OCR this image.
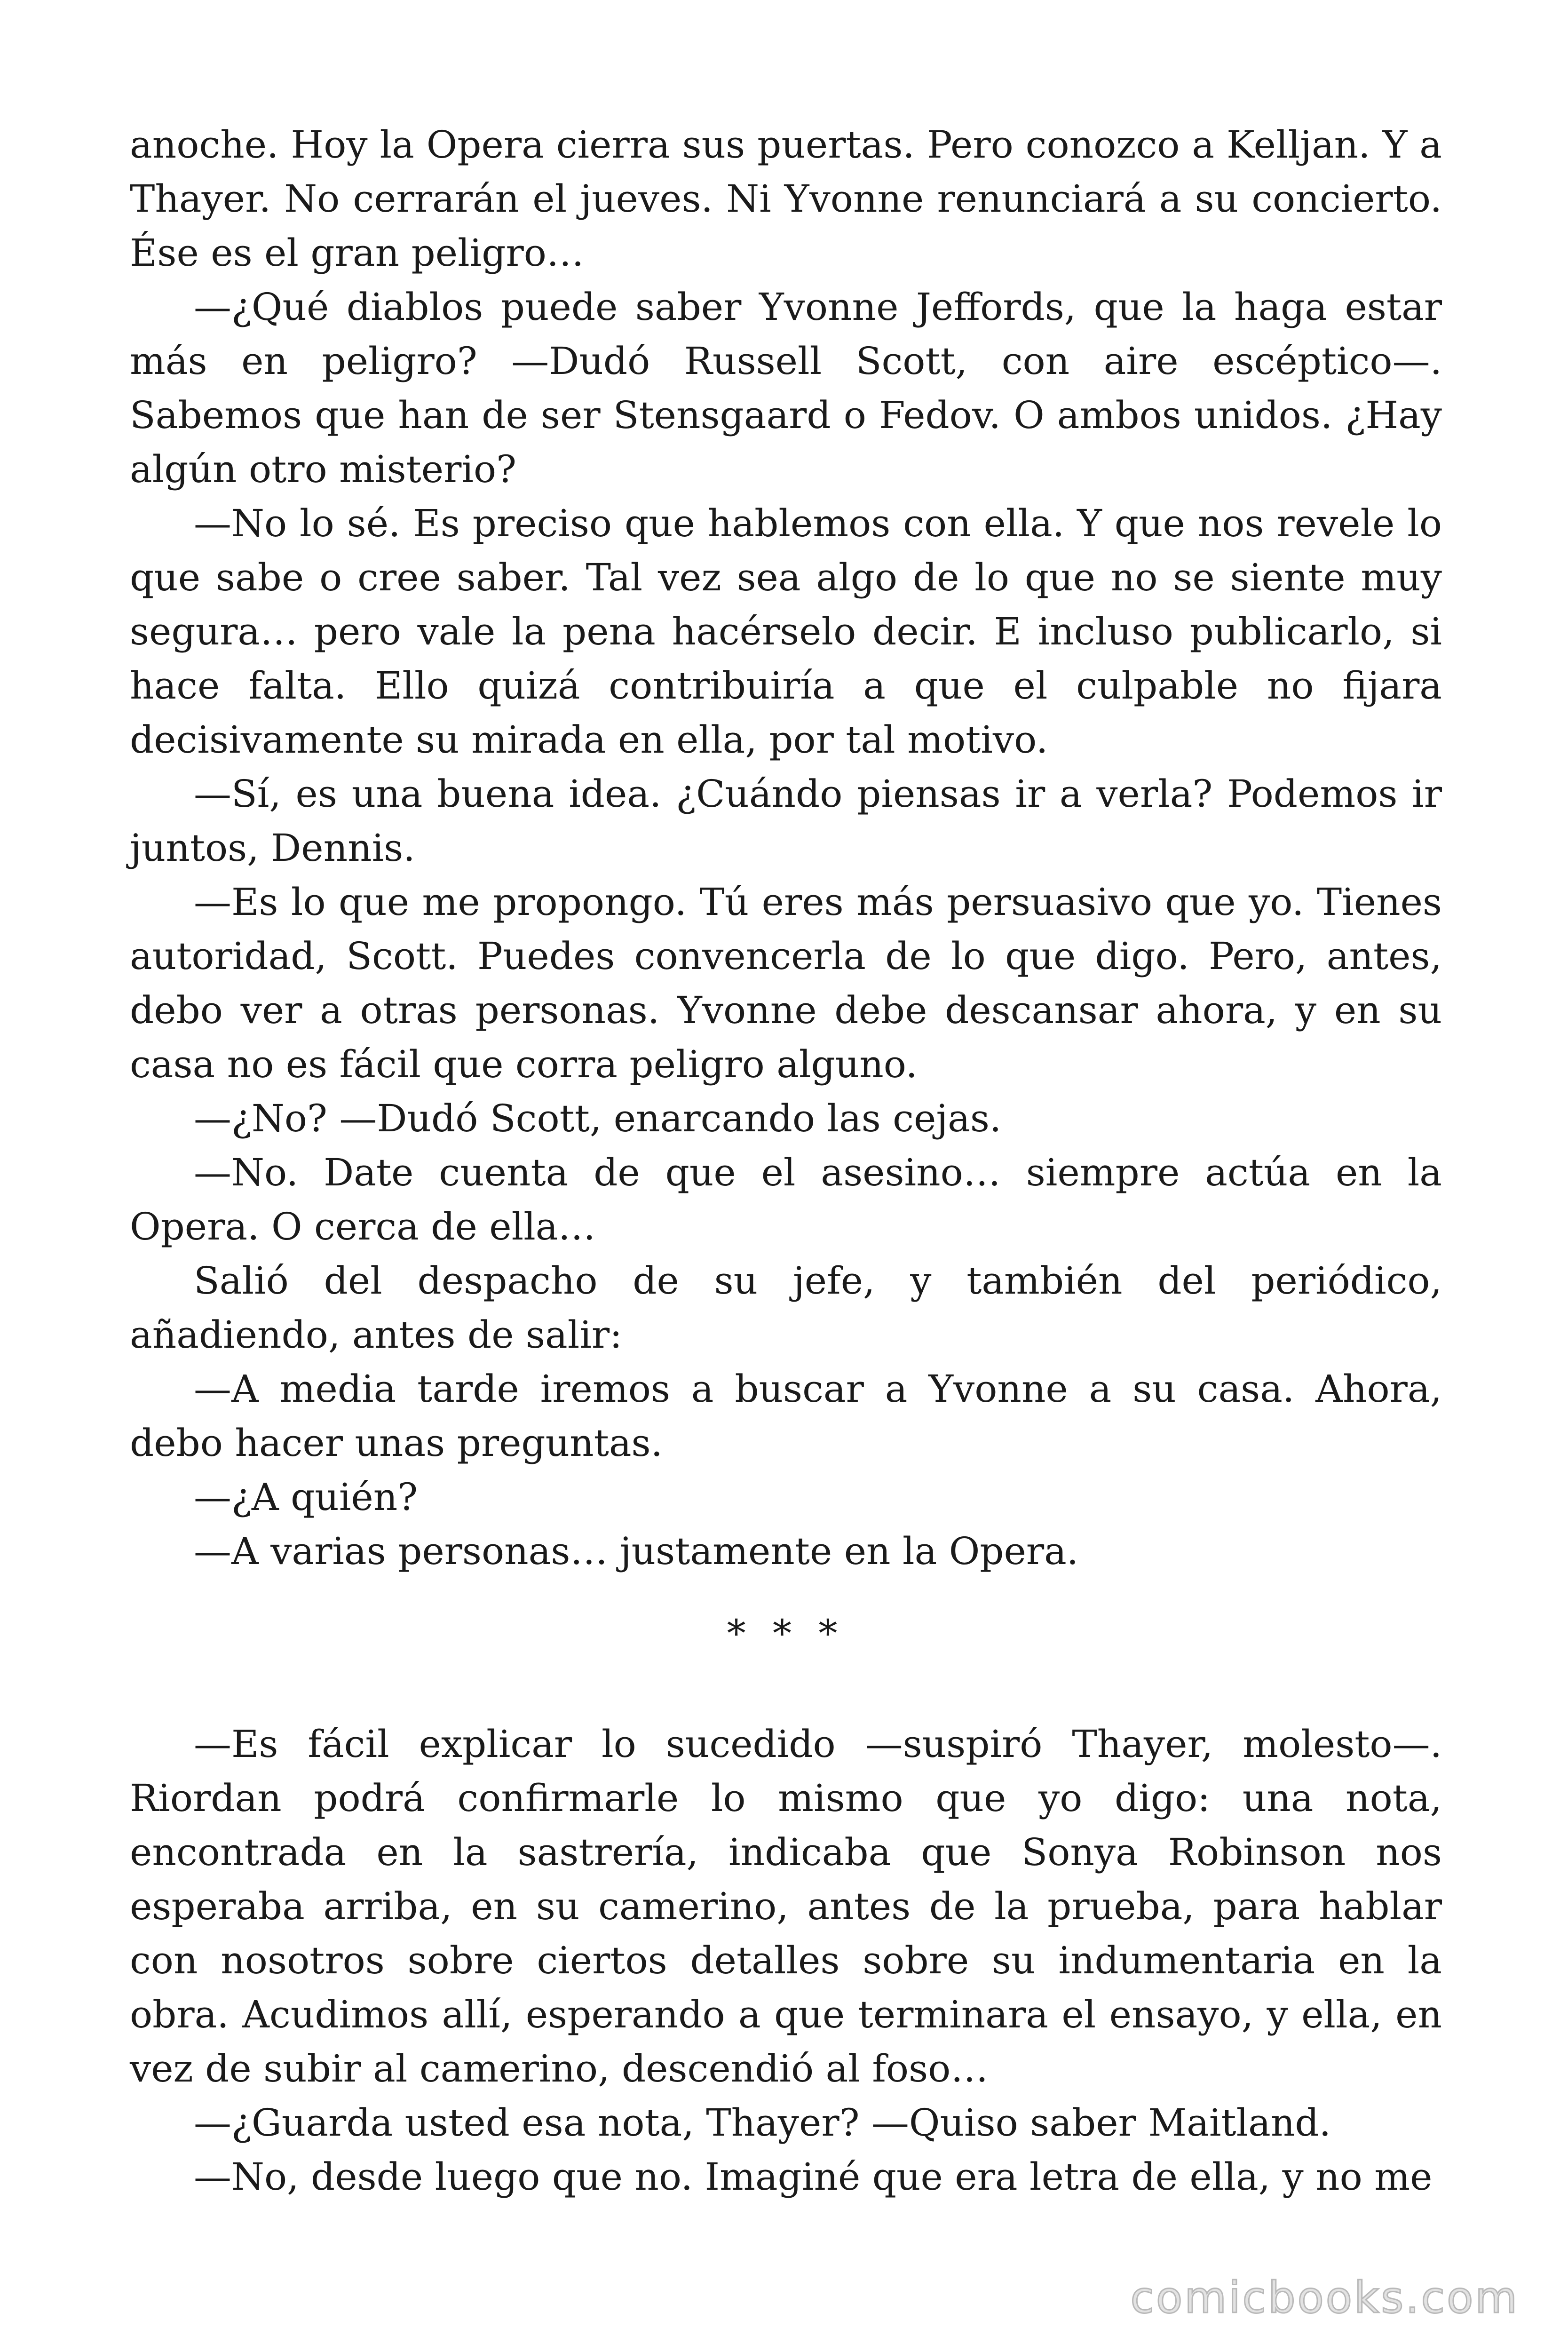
anoche. Hoy la Opera cierra sus puertas. Pero conozco a Kelljan. Y a Thayer. No cerrarán el jueves. Ni Yvonne renunciará a su concierto. Ése es el gran peligro…

—¿Qué diablos puede saber Yvonne Jeffords, que la haga estar más en peligro? —Dudó Russell Scott, con aire escéptico—. Sabemos que han de ser Stensgaard o Fedov. O ambos unidos. ¿Hay algún otro misterio?

—No lo sé. Es preciso que hablemos con ella. Y que nos revele lo que sabe o cree saber. Tal vez sea algo de lo que no se siente muy segura… pero vale la pena hacérselo decir. E incluso publicarlo, si hace falta. Ello quizá contribuiría a que el culpable no fijara decisivamente su mirada en ella, por tal motivo.

—Sí, es una buena idea. ¿Cuándo piensas ir a verla? Podemos ir juntos, Dennis.

—Es lo que me propongo. Tú eres más persuasivo que yo. Tienes autoridad, Scott. Puedes convencerla de lo que digo. Pero, antes, debo ver a otras personas. Yvonne debe descansar ahora, y en su casa no es fácil que corra peligro alguno.

—¿No? —Dudó Scott, enarcando las cejas.

—No. Date cuenta de que el asesino… siempre actúa en la Opera. O cerca de ella…

Salió del despacho de su jefe, y también del periódico, añadiendo, antes de salir:

—A media tarde iremos a buscar a Yvonne a su casa. Ahora, debo hacer unas preguntas.

—¿A quién?

—A varias personas… justamente en la Opera.

* * *

—Es fácil explicar lo sucedido —suspiró Thayer, molesto—. Riordan podrá confirmarle lo mismo que yo digo: una nota, encontrada en la sastrería, indicaba que Sonya Robinson nos esperaba arriba, en su camerino, antes de la prueba, para hablar con nosotros sobre ciertos detalles sobre su indumentaria en la obra. Acudimos allí, esperando a que terminara el ensayo, y ella, en vez de subir al camerino, descendió al foso…

—¿Guarda usted esa nota, Thayer? —Quiso saber Maitland.

—No, desde luego que no. Imaginé que era letra de ella, y no me

comicbooks.com
